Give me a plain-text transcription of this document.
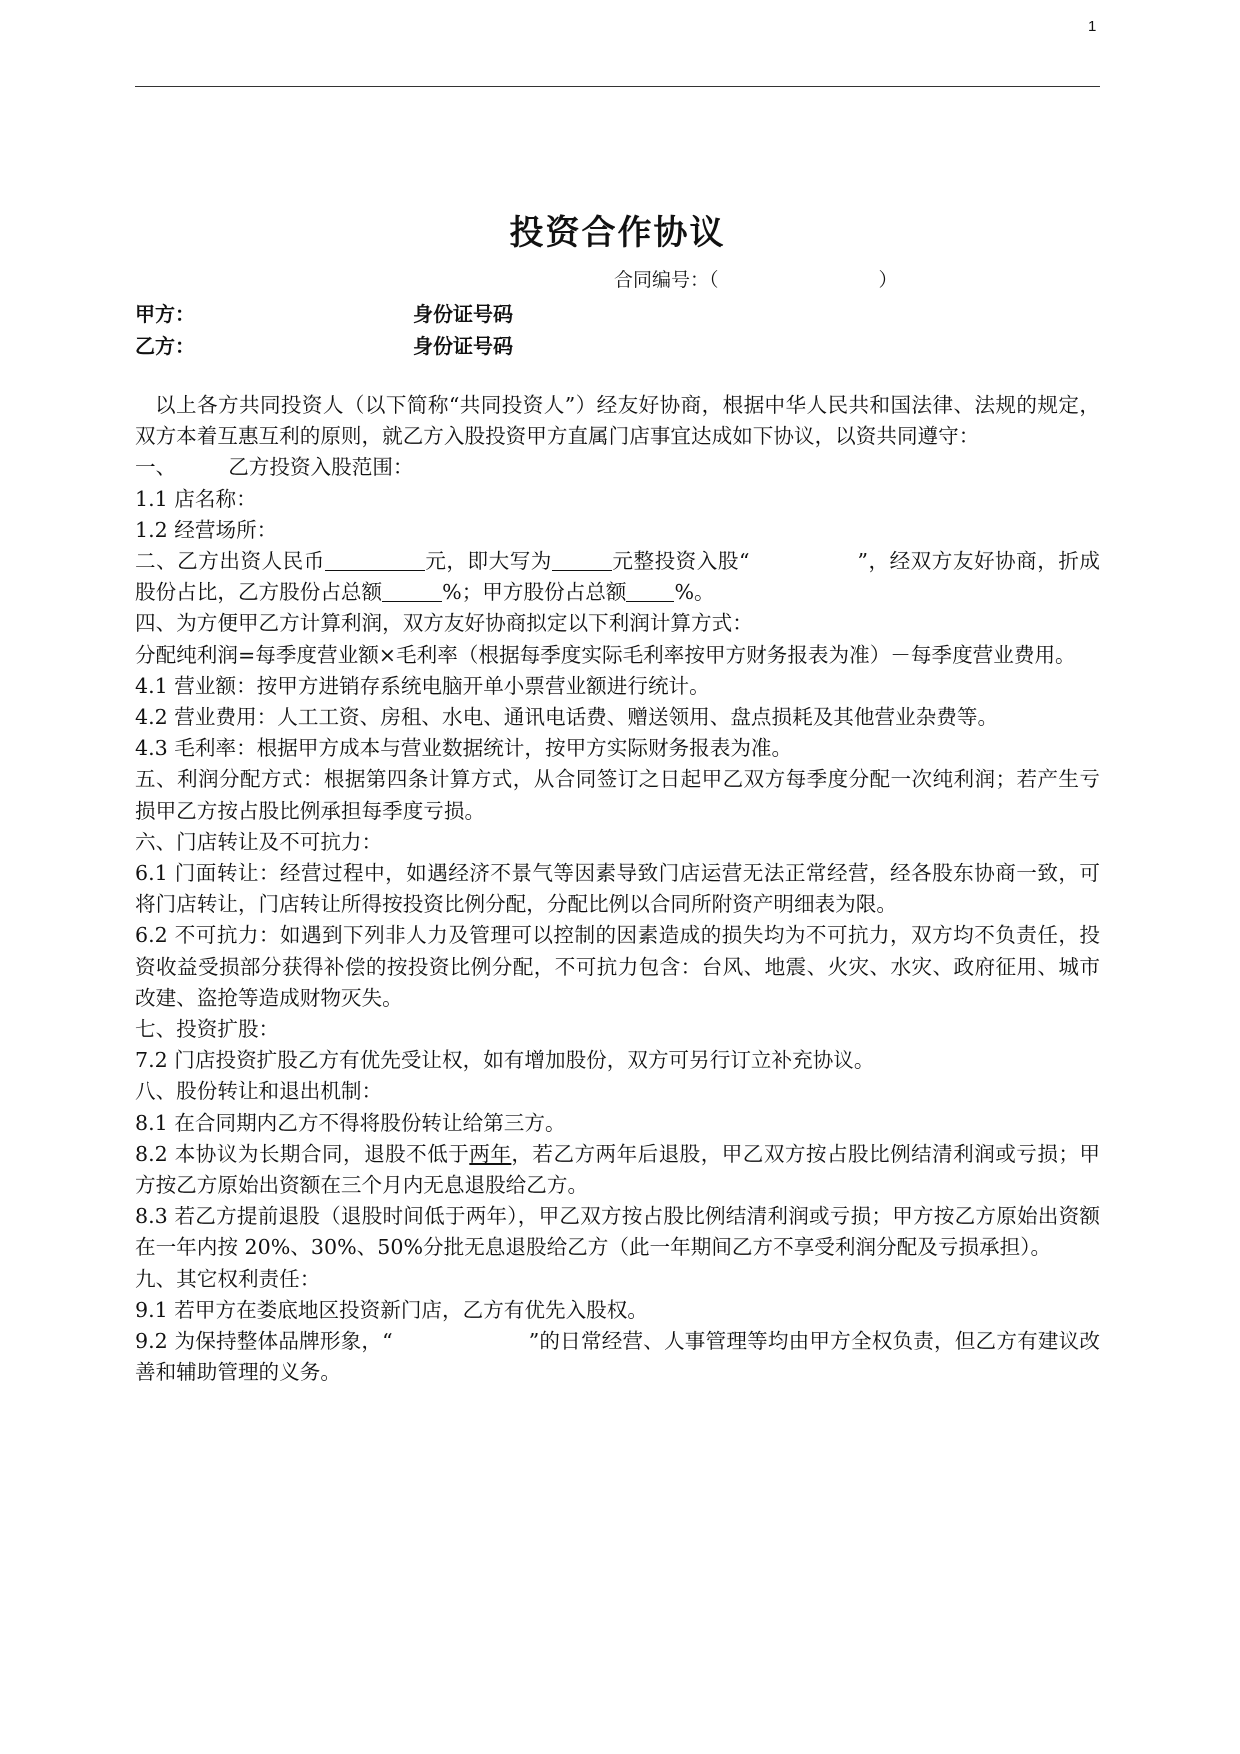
1
投资合作协议
合同编号：（	）
甲方：	身份证号码
乙方：	身份证号码

以上各方共同投资人（以下简称“共同投资人”）经友好协商，根据中华人民共和国法律、法规的规定，双方本着互惠互利的原则，就乙方入股投资甲方直属门店事宜达成如下协议，以资共同遵守：

一、	乙方投资入股范围：

1.1 店名称：

1.2 经营场所：

二、乙方出资人民币	元，即大写为	元整投资入股“	”，经双方友好协商，折成股份占比，乙方股份占总额	%；甲方股份占总额 %。

四、为方便甲乙方计算利润，双方友好协商拟定以下利润计算方式：

分配纯利润=每季度营业额×毛利率（根据每季度实际毛利率按甲方财务报表为准）－每季度营业费用。

4.1 营业额：按甲方进销存系统电脑开单小票营业额进行统计。

4.2 营业费用：人工工资、房租、水电、通讯电话费、赠送领用、盘点损耗及其他营业杂费等。

4.3 毛利率：根据甲方成本与营业数据统计，按甲方实际财务报表为准。

五、利润分配方式：根据第四条计算方式，从合同签订之日起甲乙双方每季度分配一次纯利润；若产生亏损甲乙方按占股比例承担每季度亏损。

六、门店转让及不可抗力：

6.1 门面转让：经营过程中，如遇经济不景气等因素导致门店运营无法正常经营，经各股东协商一致，可将门店转让，门店转让所得按投资比例分配，分配比例以合同所附资产明细表为限。

6.2 不可抗力：如遇到下列非人力及管理可以控制的因素造成的损失均为不可抗力，双方均不负责任，投资收益受损部分获得补偿的按投资比例分配，不可抗力包含：台风、地震、火灾、水灾、政府征用、城市改建、盗抢等造成财物灭失。

七、投资扩股：

7.2 门店投资扩股乙方有优先受让权，如有增加股份，双方可另行订立补充协议。

八、股份转让和退出机制：

8.1 在合同期内乙方不得将股份转让给第三方。

8.2 本协议为长期合同，退股不低于两年，若乙方两年后退股，甲乙双方按占股比例结清利润或亏损；甲方按乙方原始出资额在三个月内无息退股给乙方。

8.3 若乙方提前退股（退股时间低于两年），甲乙双方按占股比例结清利润或亏损；甲方按乙方原始出资额在一年内按 20%、30%、50%分批无息退股给乙方（此一年期间乙方不享受利润分配及亏损承担）。

九、其它权利责任：

9.1 若甲方在娄底地区投资新门店，乙方有优先入股权。

9.2 为保持整体品牌形象，“	”的日常经营、人事管理等均由甲方全权负责，但乙方有建议改善和辅助管理的义务。
